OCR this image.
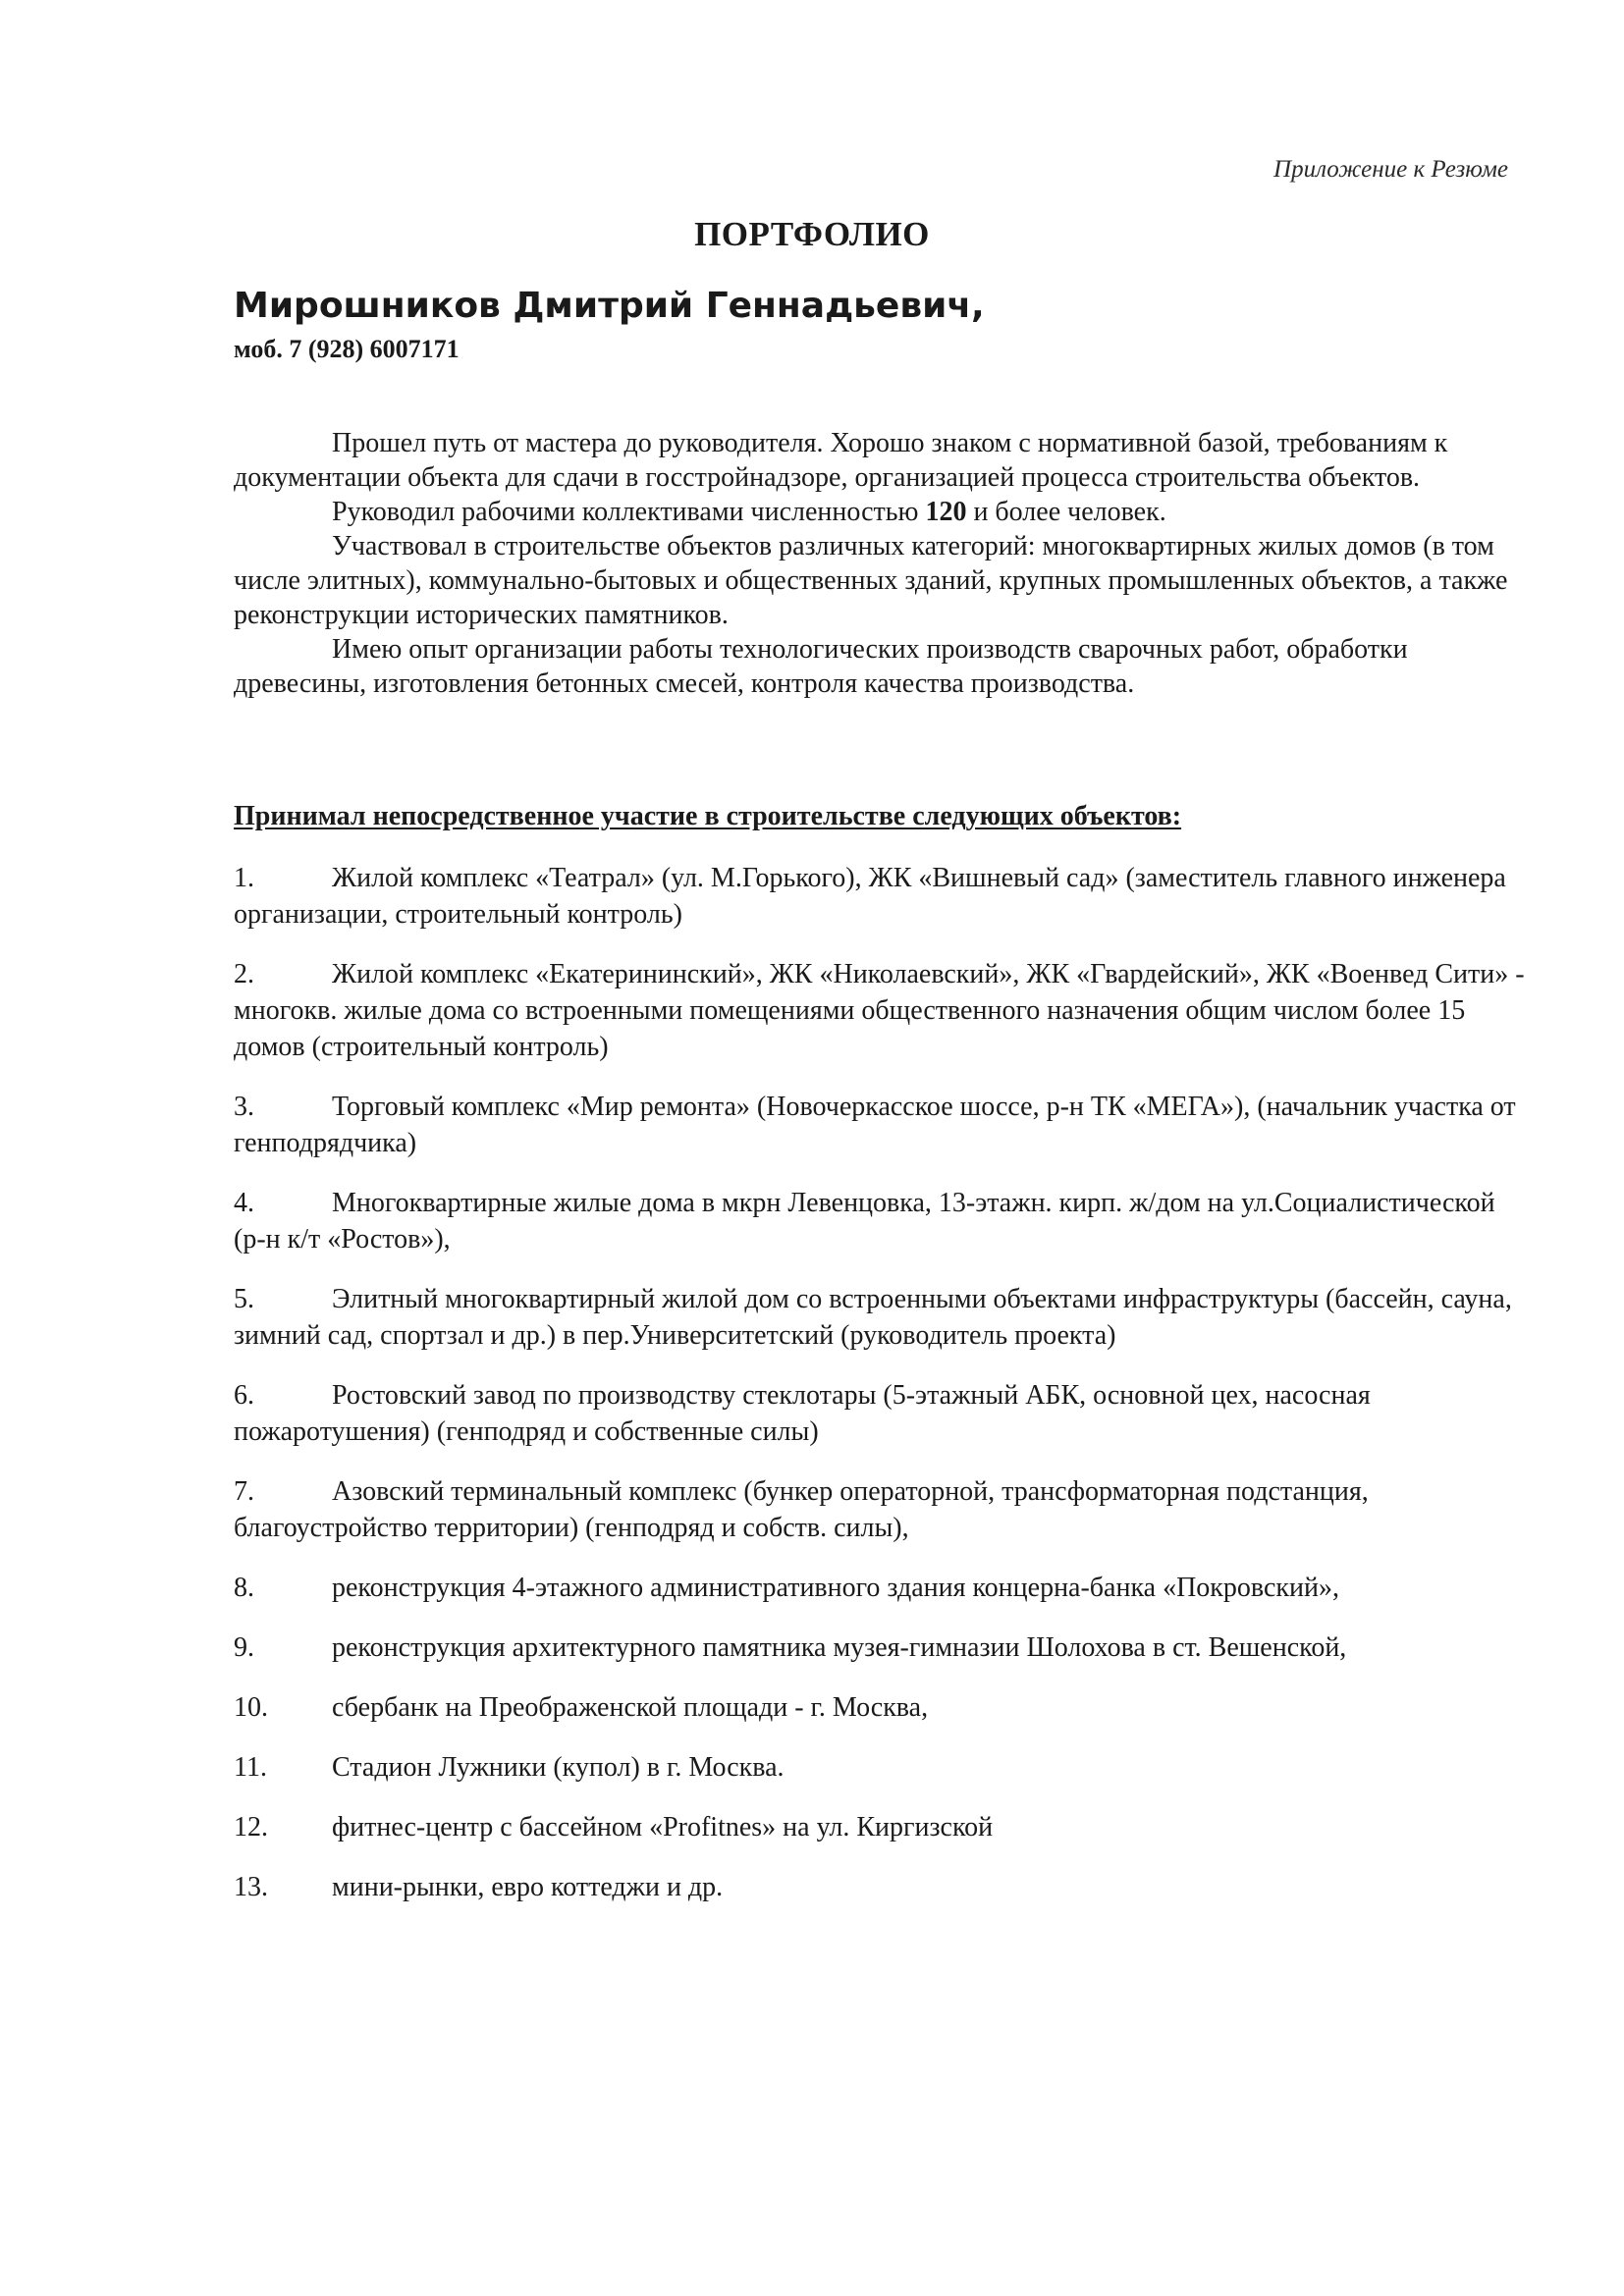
Приложение к Резюме
ПОРТФОЛИО
Мирошников Дмитрий Геннадьевич,
моб. 7 (928) 6007171

Прошел путь от мастера до руководителя. Хорошо знаком с нормативной базой, требованиям к документации объекта для сдачи в госстройнадзоре, организацией процесса строительства объектов.

Руководил рабочими коллективами численностью 120 и более человек.

Участвовал в строительстве объектов различных категорий: многоквартирных жилых домов (в том числе элитных), коммунально-бытовых и общественных зданий, крупных промышленных объектов, а также реконструкции исторических памятников.

Имею опыт организации работы технологических производств сварочных работ, обработки древесины, изготовления бетонных смесей, контроля качества производства.

Принимал непосредственное участие в строительстве следующих объектов:
1.	Жилой комплекс «Театрал» (ул. М.Горького), ЖК «Вишневый сад» (заместитель главного инженера организации, строительный контроль)
2.	Жилой комплекс «Екатерининский», ЖК «Николаевский», ЖК «Гвардейский», ЖК «Военвед Сити» - многокв. жилые дома со встроенными помещениями общественного назначения общим числом более 15 домов (строительный контроль)
3.	Торговый комплекс «Мир ремонта» (Новочеркасское шоссе, р-н ТК «МЕГА»), (начальник участка от генподрядчика)
4.	Многоквартирные жилые дома в мкрн Левенцовка, 13-этажн. кирп. ж/дом на ул.Социалистической (р-н к/т «Ростов»),
5.	Элитный многоквартирный жилой дом со встроенными объектами инфраструктуры (бассейн, сауна, зимний сад, спортзал и др.) в пер.Университетский (руководитель проекта)
6.	Ростовский завод по производству стеклотары (5-этажный АБК, основной цех, насосная пожаротушения) (генподряд и собственные силы)
7.	Азовский терминальный комплекс (бункер операторной, трансформаторная подстанция, благоустройство территории) (генподряд и собств. силы),
8.	реконструкция 4-этажного административного здания концерна-банка «Покровский»,
9.	реконструкция архитектурного памятника музея-гимназии Шолохова в ст. Вешенской,
10. сбербанк на Преображенской площади - г. Москва,
11. Стадион Лужники (купол) в г. Москва.
12. фитнес-центр с бассейном «Profitnes» на ул. Киргизской
13. мини-рынки, евро коттеджи и др.
